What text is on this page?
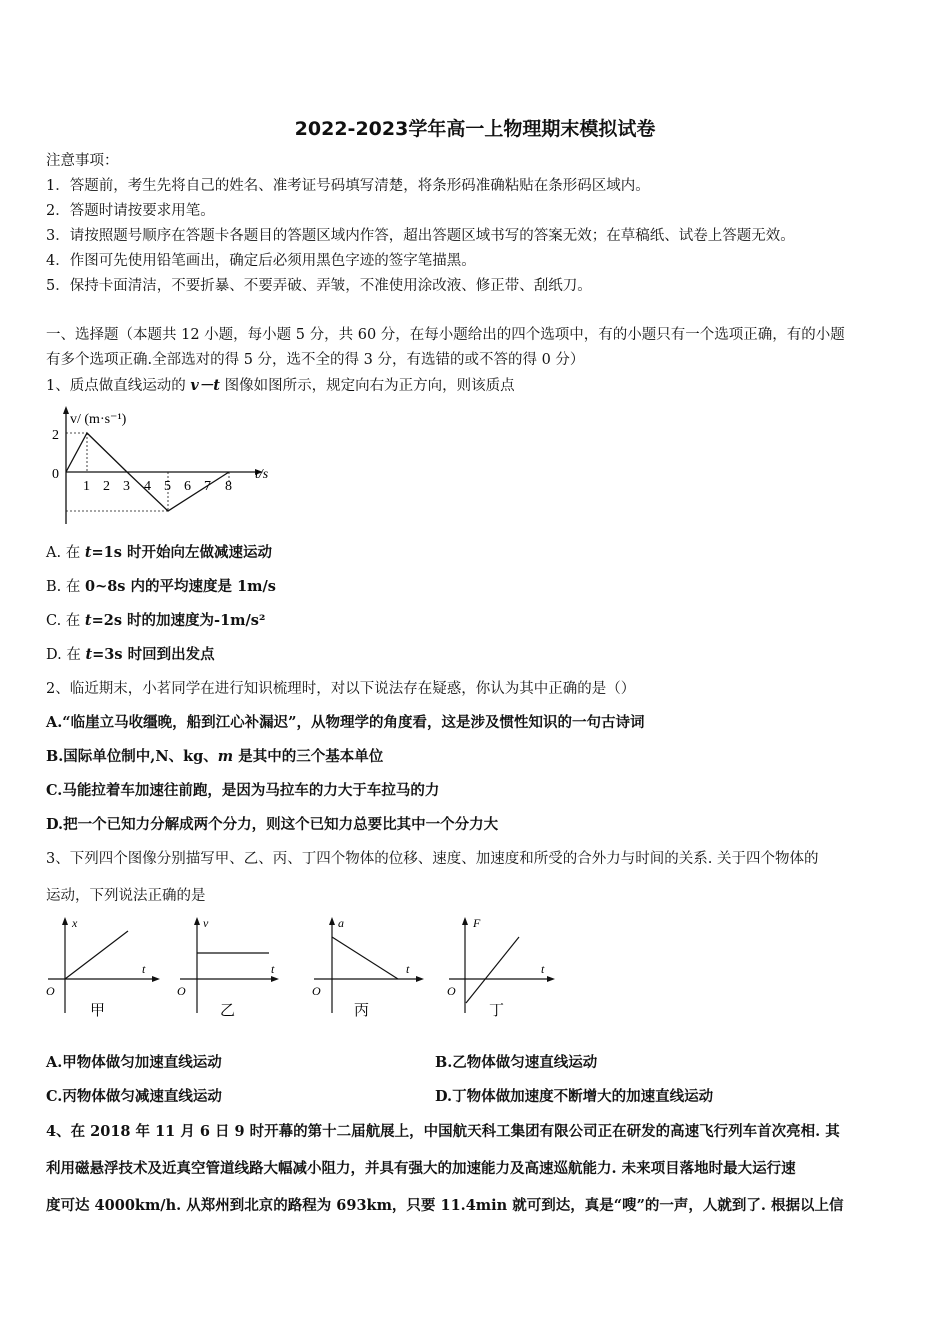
2022-2023学年高一上物理期末模拟试卷
注意事项：
1．答题前，考生先将自己的姓名、准考证号码填写清楚，将条形码准确粘贴在条形码区域内。
2．答题时请按要求用笔。
3．请按照题号顺序在答题卡各题目的答题区域内作答，超出答题区域书写的答案无效；在草稿纸、试卷上答题无效。
4．作图可先使用铅笔画出，确定后必须用黑色字迹的签字笔描黑。
5．保持卡面清洁，不要折暴、不要弄破、弄皱，不准使用涂改液、修正带、刮纸刀。
一、选择题（本题共 12 小题，每小题 5 分，共 60 分，在每小题给出的四个选项中，有的小题只有一个选项正确，有的小题
有多个选项正确.全部选对的得 5 分，选不全的得 3 分，有选错的或不答的得 0 分）
1、质点做直线运动的 v－t 图像如图所示，规定向右为正方向，则该质点
v/ (m·s⁻¹)
t/s
2
0
1 2 3 4 5 6 7 8
A. 在 t=1s 时开始向左做减速运动
B. 在 0~8s 内的平均速度是 1m/s
C. 在 t=2s 时的加速度为-1m/s²
D. 在 t=3s 时回到出发点
2、临近期末，小茗同学在进行知识梳理时，对以下说法存在疑惑，你认为其中正确的是（）
A.“临崖立马收缰晚，船到江心补漏迟”，从物理学的角度看，这是涉及惯性知识的一句古诗词
B.国际单位制中,N、kg、m 是其中的三个基本单位
C.马能拉着车加速往前跑，是因为马拉车的力大于车拉马的力
D.把一个已知力分解成两个分力，则这个已知力总要比其中一个分力大
3、下列四个图像分别描写甲、乙、丙、丁四个物体的位移、速度、加速度和所受的合外力与时间的关系. 关于四个物体的
运动，下列说法正确的是
x
t
O
甲
v
t
O
乙
a
t
O
丙
F
t
O
丁
A.甲物体做匀加速直线运动	B.乙物体做匀速直线运动
C.丙物体做匀减速直线运动	D.丁物体做加速度不断增大的加速直线运动
4、在 2018 年 11 月 6 日 9 时开幕的第十二届航展上，中国航天科工集团有限公司正在研发的高速飞行列车首次亮相. 其
利用磁悬浮技术及近真空管道线路大幅减小阻力，并具有强大的加速能力及高速巡航能力. 未来项目落地时最大运行速
度可达 4000km/h. 从郑州到北京的路程为 693km，只要 11.4min 就可到达，真是“嗖”的一声，人就到了. 根据以上信
